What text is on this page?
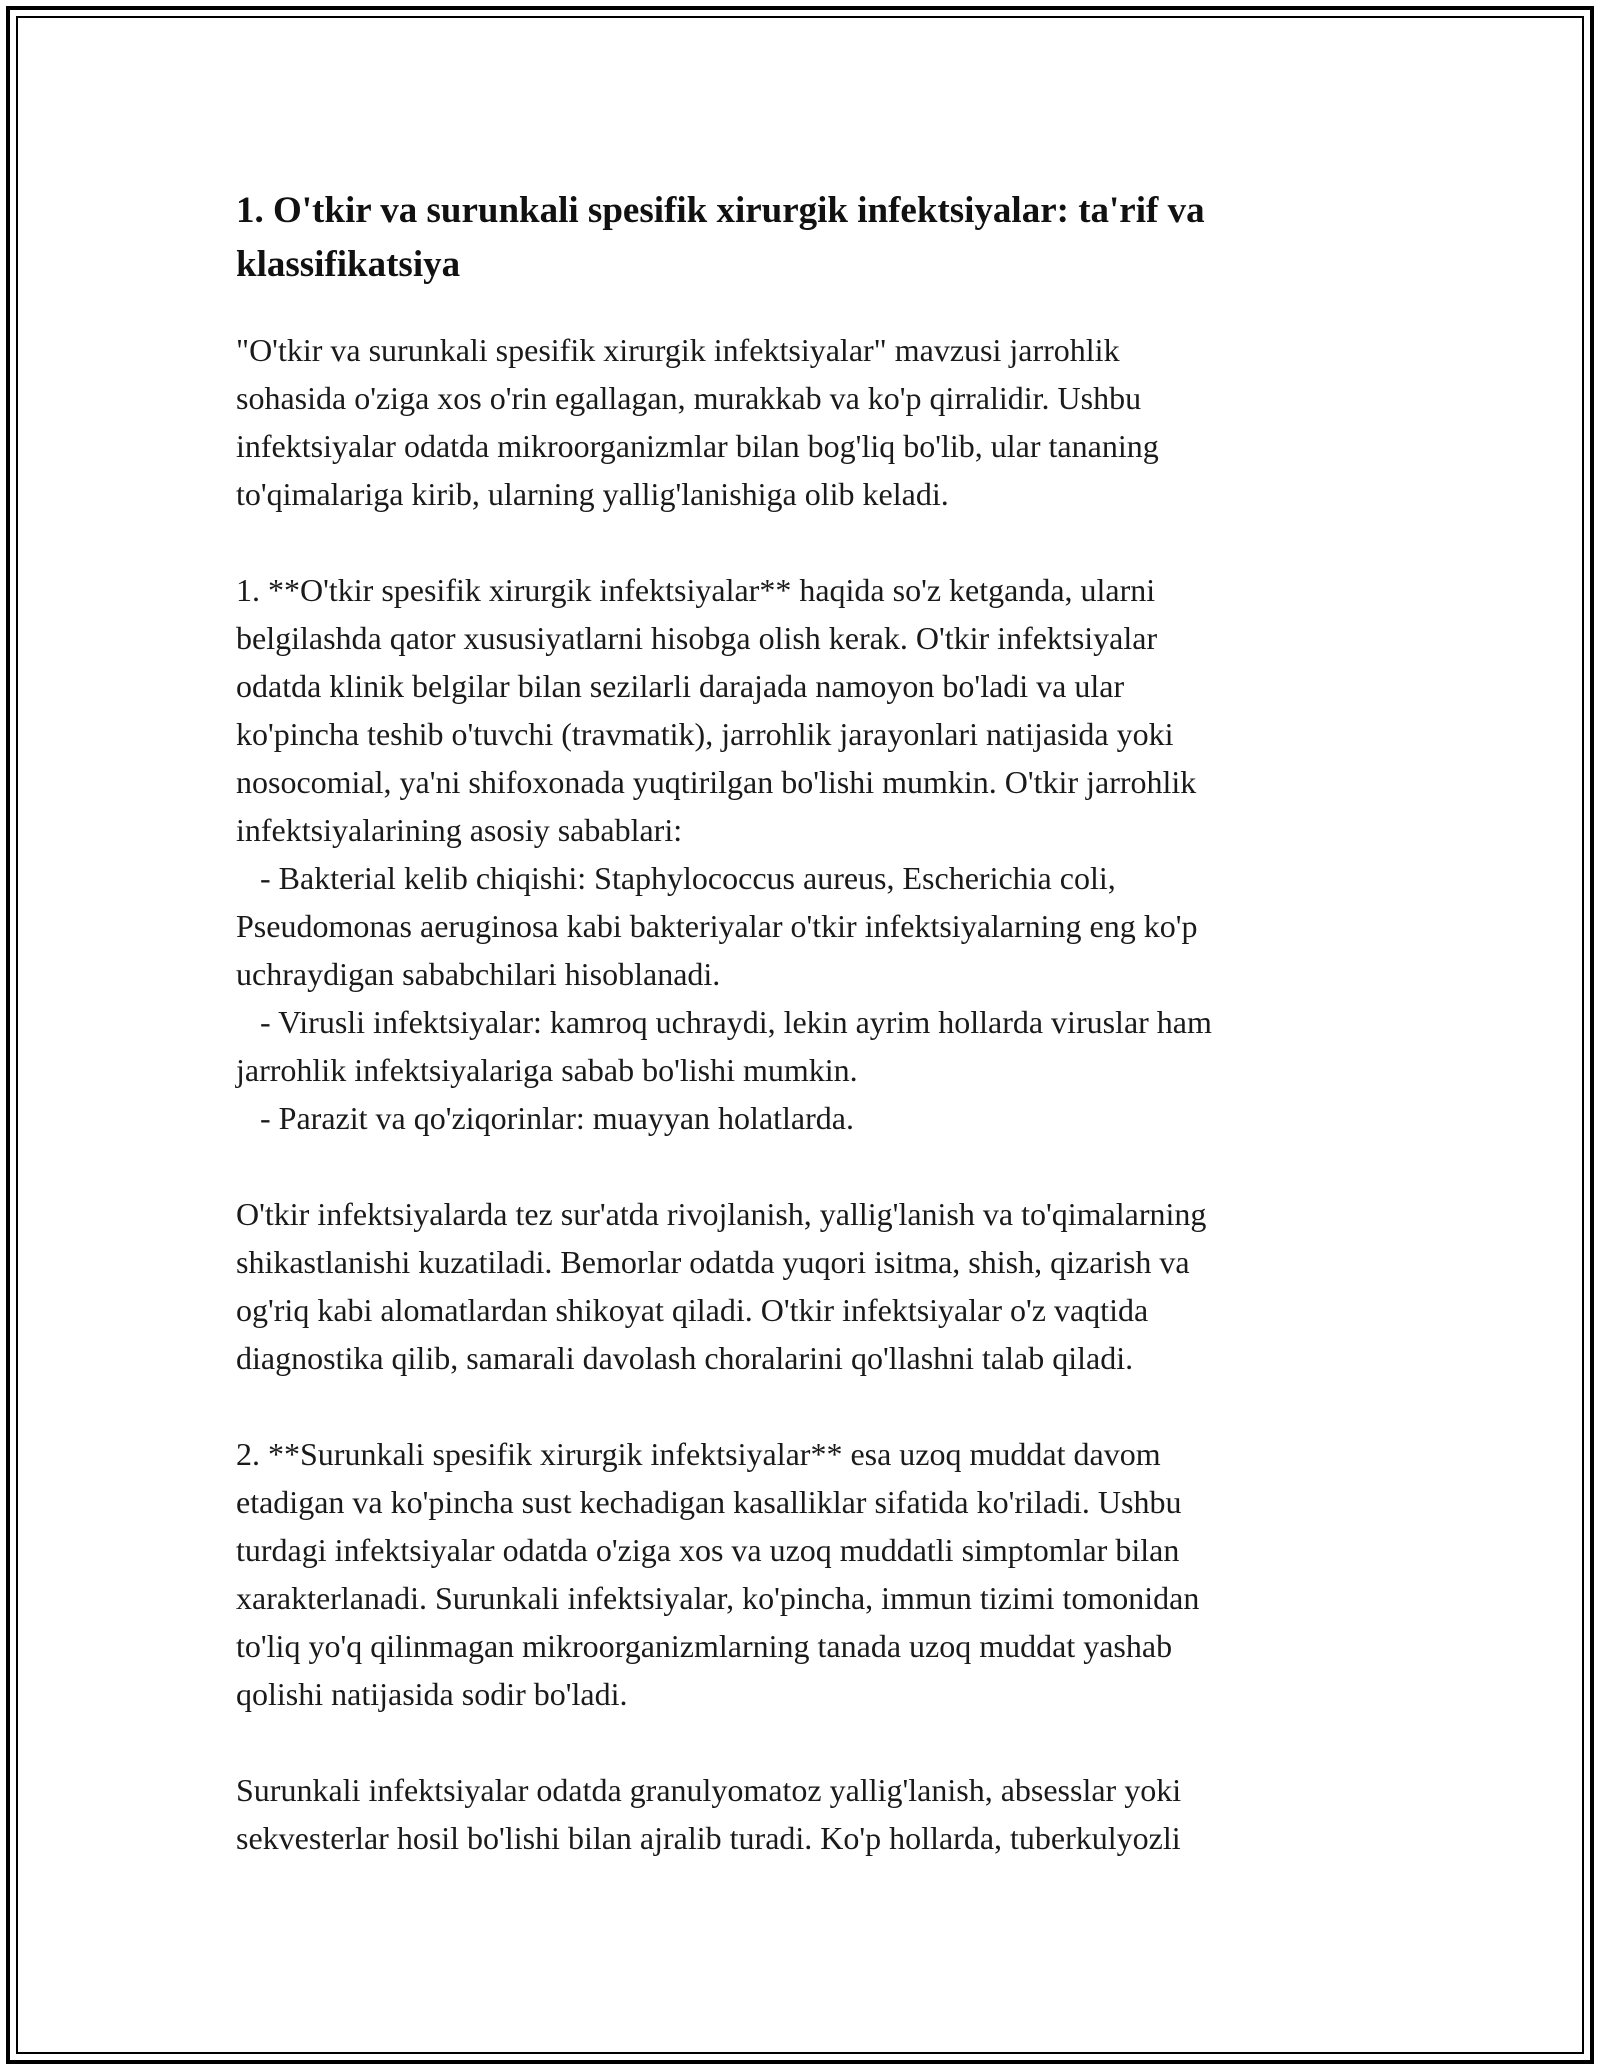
1. O'tkir va surunkali spesifik xirurgik infektsiyalar: ta'rif va klassifikatsiya

"O'tkir va surunkali spesifik xirurgik infektsiyalar" mavzusi jarrohlik
sohasida o'ziga xos o'rin egallagan, murakkab va ko'p qirralidir. Ushbu
infektsiyalar odatda mikroorganizmlar bilan bog'liq bo'lib, ular tananing
to'qimalariga kirib, ularning yallig'lanishiga olib keladi.

1. **O'tkir spesifik xirurgik infektsiyalar** haqida so'z ketganda, ularni
belgilashda qator xususiyatlarni hisobga olish kerak. O'tkir infektsiyalar
odatda klinik belgilar bilan sezilarli darajada namoyon bo'ladi va ular
ko'pincha teshib o'tuvchi (travmatik), jarrohlik jarayonlari natijasida yoki
nosocomial, ya'ni shifoxonada yuqtirilgan bo'lishi mumkin. O'tkir jarrohlik
infektsiyalarining asosiy sabablari:
- Bakterial kelib chiqishi: Staphylococcus aureus, Escherichia coli,
Pseudomonas aeruginosa kabi bakteriyalar o'tkir infektsiyalarning eng ko'p
uchraydigan sababchilari hisoblanadi.
- Virusli infektsiyalar: kamroq uchraydi, lekin ayrim hollarda viruslar ham
jarrohlik infektsiyalariga sabab bo'lishi mumkin.
- Parazit va qo'ziqorinlar: muayyan holatlarda.

O'tkir infektsiyalarda tez sur'atda rivojlanish, yallig'lanish va to'qimalarning
shikastlanishi kuzatiladi. Bemorlar odatda yuqori isitma, shish, qizarish va
og'riq kabi alomatlardan shikoyat qiladi. O'tkir infektsiyalar o'z vaqtida
diagnostika qilib, samarali davolash choralarini qo'llashni talab qiladi.

2. **Surunkali spesifik xirurgik infektsiyalar** esa uzoq muddat davom
etadigan va ko'pincha sust kechadigan kasalliklar sifatida ko'riladi. Ushbu
turdagi infektsiyalar odatda o'ziga xos va uzoq muddatli simptomlar bilan
xarakterlanadi. Surunkali infektsiyalar, ko'pincha, immun tizimi tomonidan
to'liq yo'q qilinmagan mikroorganizmlarning tanada uzoq muddat yashab
qolishi natijasida sodir bo'ladi.

Surunkali infektsiyalar odatda granulyomatoz yallig'lanish, absesslar yoki
sekvesterlar hosil bo'lishi bilan ajralib turadi. Ko'p hollarda, tuberkulyozli
